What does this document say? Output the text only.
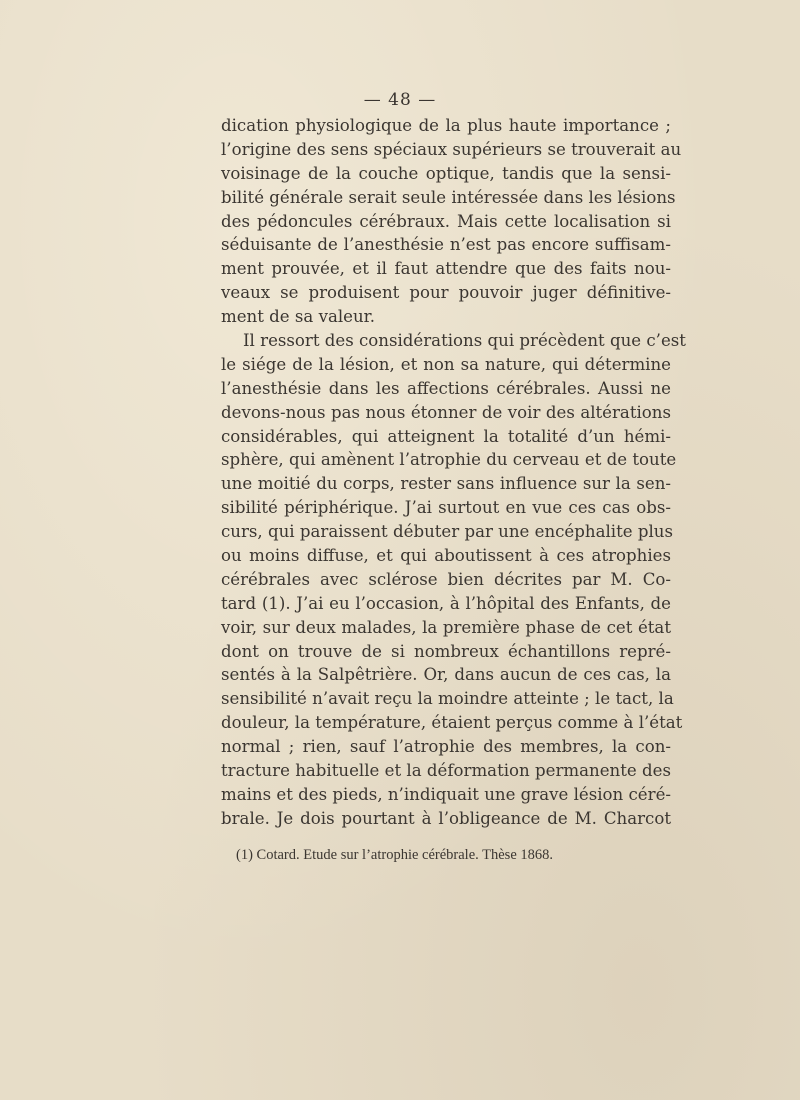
— 48 —
dication physiologique de la plus haute importance ;
l’origine des sens spéciaux supérieurs se trouverait au
voisinage de la couche optique, tandis que la sensi-
bilité générale serait seule intéressée dans les lésions
des pédoncules cérébraux. Mais cette localisation si
séduisante de l’anesthésie n’est pas encore suffisam-
ment prouvée, et il faut attendre que des faits nou-
veaux se produisent pour pouvoir juger définitive-
ment de sa valeur.
Il ressort des considérations qui précèdent que c’est
le siége de la lésion, et non sa nature, qui détermine
l’anesthésie dans les affections cérébrales. Aussi ne
devons-nous pas nous étonner de voir des altérations
considérables, qui atteignent la totalité d’un hémi-
sphère, qui amènent l’atrophie du cerveau et de toute
une moitié du corps, rester sans influence sur la sen-
sibilité périphérique. J’ai surtout en vue ces cas obs-
curs, qui paraissent débuter par une encéphalite plus
ou moins diffuse, et qui aboutissent à ces atrophies
cérébrales avec sclérose bien décrites par M. Co-
tard (1). J’ai eu l’occasion, à l’hôpital des Enfants, de
voir, sur deux malades, la première phase de cet état
dont on trouve de si nombreux échantillons repré-
sentés à la Salpêtrière. Or, dans aucun de ces cas, la
sensibilité n’avait reçu la moindre atteinte ; le tact, la
douleur, la température, étaient perçus comme à l’état
normal ; rien, sauf l’atrophie des membres, la con-
tracture habituelle et la déformation permanente des
mains et des pieds, n’indiquait une grave lésion céré-
brale. Je dois pourtant à l’obligeance de M. Charcot
(1) Cotard. Etude sur l’atrophie cérébrale. Thèse 1868.
